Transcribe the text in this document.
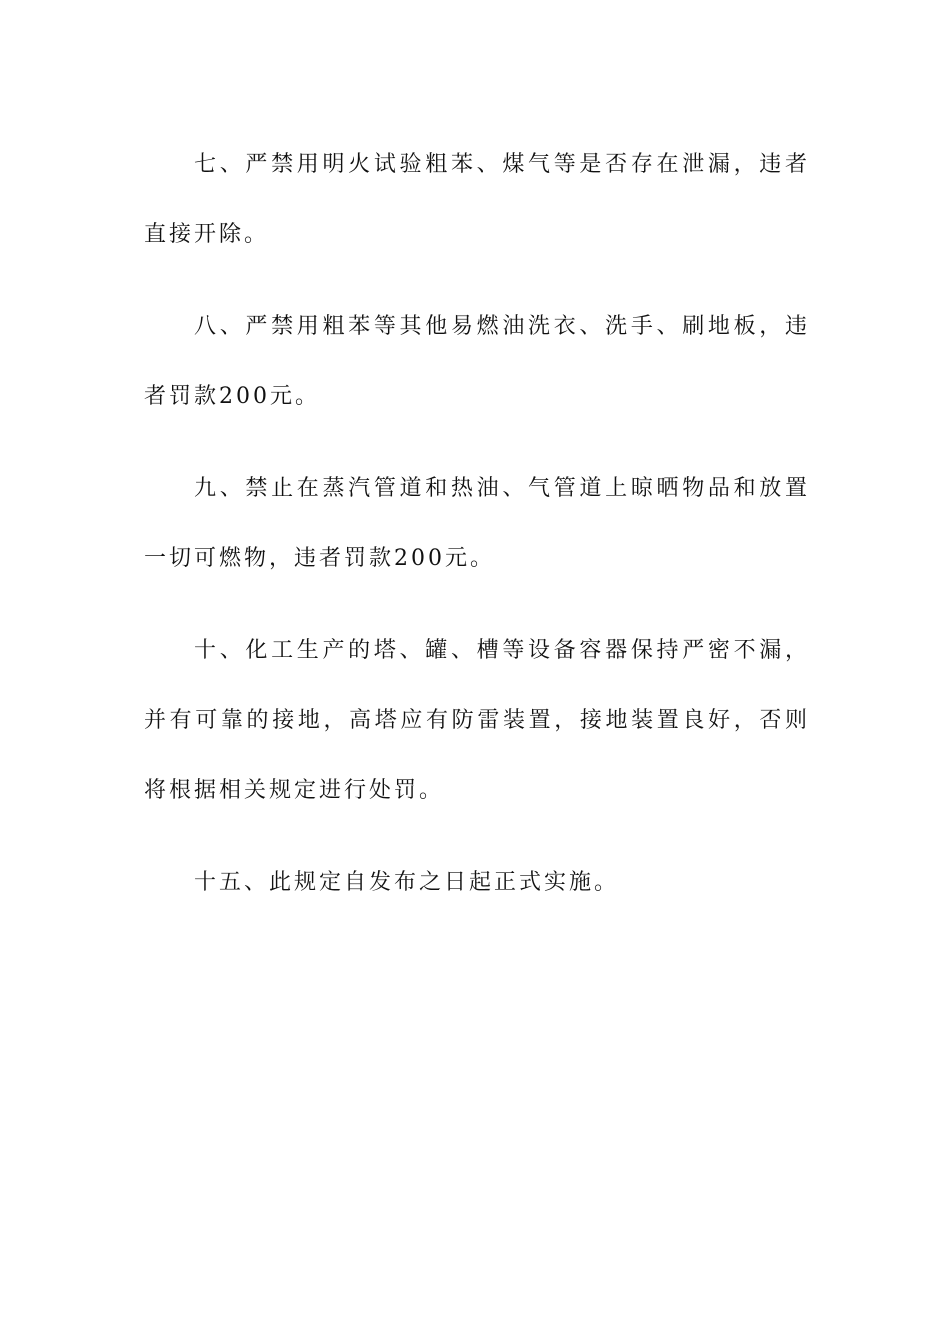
七、严禁用明火试验粗苯、煤气等是否存在泄漏，违者直接开除。

八、严禁用粗苯等其他易燃油洗衣、洗手、刷地板，违者罚款200元。

九、禁止在蒸汽管道和热油、气管道上晾晒物品和放置一切可燃物，违者罚款200元。

十、化工生产的塔、罐、槽等设备容器保持严密不漏，并有可靠的接地，高塔应有防雷装置，接地装置良好，否则将根据相关规定进行处罚。

十五、此规定自发布之日起正式实施。
